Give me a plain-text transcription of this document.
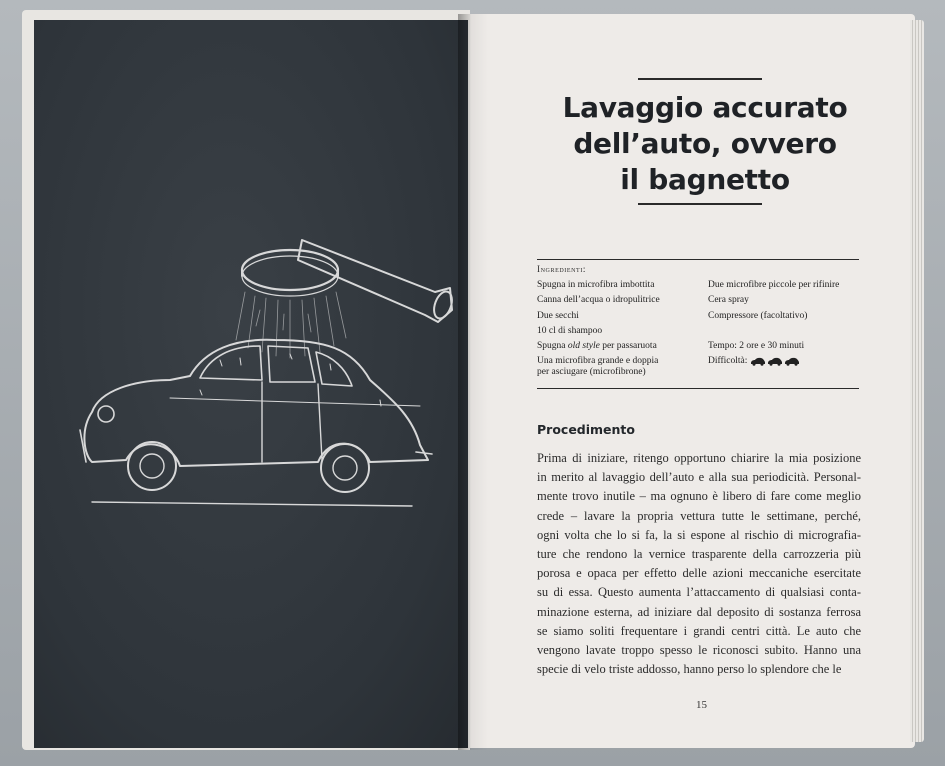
Lavaggio accurato
dell’auto, ovvero
il bagnetto
Ingredienti:
Spugna in microfibra imbottita
Canna dell’acqua o idropulitrice
Due secchi
10 cl di shampoo
Spugna old style per passaruota
Una microfibra grande e doppia
per asciugare (microfibrone)
Due microfibre piccole per rifinire
Cera spray
Compressore (facoltativo)
Tempo: 2 ore e 30 minuti
Difficoltà:
Procedimento
Prima di iniziare, ritengo opportuno chiarire la mia posizione
in merito al lavaggio dell’auto e alla sua periodicità. Personal-
mente trovo inutile – ma ognuno è libero di fare come meglio
crede – lavare la propria vettura tutte le settimane, perché,
ogni volta che lo si fa, la si espone al rischio di micrografia-
ture che rendono la vernice trasparente della carrozzeria più
porosa e opaca per effetto delle azioni meccaniche esercitate
su di essa. Questo aumenta l’attaccamento di qualsiasi conta-
minazione esterna, ad iniziare dal deposito di sostanza ferrosa
se siamo soliti frequentare i grandi centri città. Le auto che
vengono lavate troppo spesso le riconosci subito. Hanno una
specie di velo triste addosso, hanno perso lo splendore che le
15
